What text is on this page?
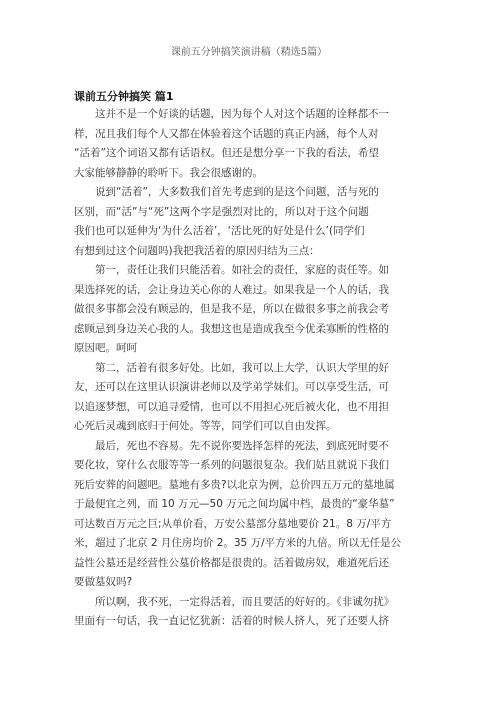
课前五分钟搞笑演讲稿（精选5篇）
课前五分钟搞笑 篇1
这并不是一个好谈的话题，因为每个人对这个话题的诠释都不一
样，况且我们每个人又都在体验着这个话题的真正内涵，每个人对
“活着”这个词语又都有话语权。但还是想分享一下我的看法，希望
大家能够静静的聆听下。我会很感谢的。
说到“活着”，大多数我们首先考虑到的是这个问题，活与死的
区别，而“活”与“死”这两个字是强烈对比的，所以对于这个问题
我们也可以延伸为‘为什么活着’，‘活比死的好处是什么’(同学们
有想到过这个问题吗)我把我活着的原因归结为三点：
第一，责任让我们只能活着。如社会的责任，家庭的责任等。如
果选择死的话，会让身边关心你的人难过。如果我是一个人的话，我
做很多事都会没有顾忌的，但是我不是，所以在做很多事之前我会考
虑顾忌到身边关心我的人。我想这也是造成我至今优柔寡断的性格的
原因吧。呵呵
第二，活着有很多好处。比如，我可以上大学，认识大学里的好
友，还可以在这里认识演讲老师以及学弟学妹们。可以享受生活，可
以追逐梦想，可以追寻爱情，也可以不用担心死后被火化，也不用担
心死后灵魂到底归于何处。等等，同学们可以自由发挥。
最后，死也不容易。先不说你要选择怎样的死法，到底死时要不
要化妆，穿什么衣服等等一系列的问题很复杂。我们姑且就说下我们
死后安葬的问题吧。墓地有多贵?以北京为例，总价四五万元的墓地属
于最便宜之列，而 10 万元—50 万元之间均属中档，最贵的“豪华墓”
可达数百万元之巨;从单价看，万安公墓部分墓地要价 21。8 万/平方
米，超过了北京 2 月住房均价 2。35 万/平方米的九倍。所以无任是公
益性公墓还是经营性公墓价格都是很贵的。活着做房奴，难道死后还
要做墓奴吗?
所以啊，我不死，一定得活着，而且要活的好好的。《非诚勿扰》
里面有一句话，我一直记忆犹新：活着的时候人挤人，死了还要人挤
